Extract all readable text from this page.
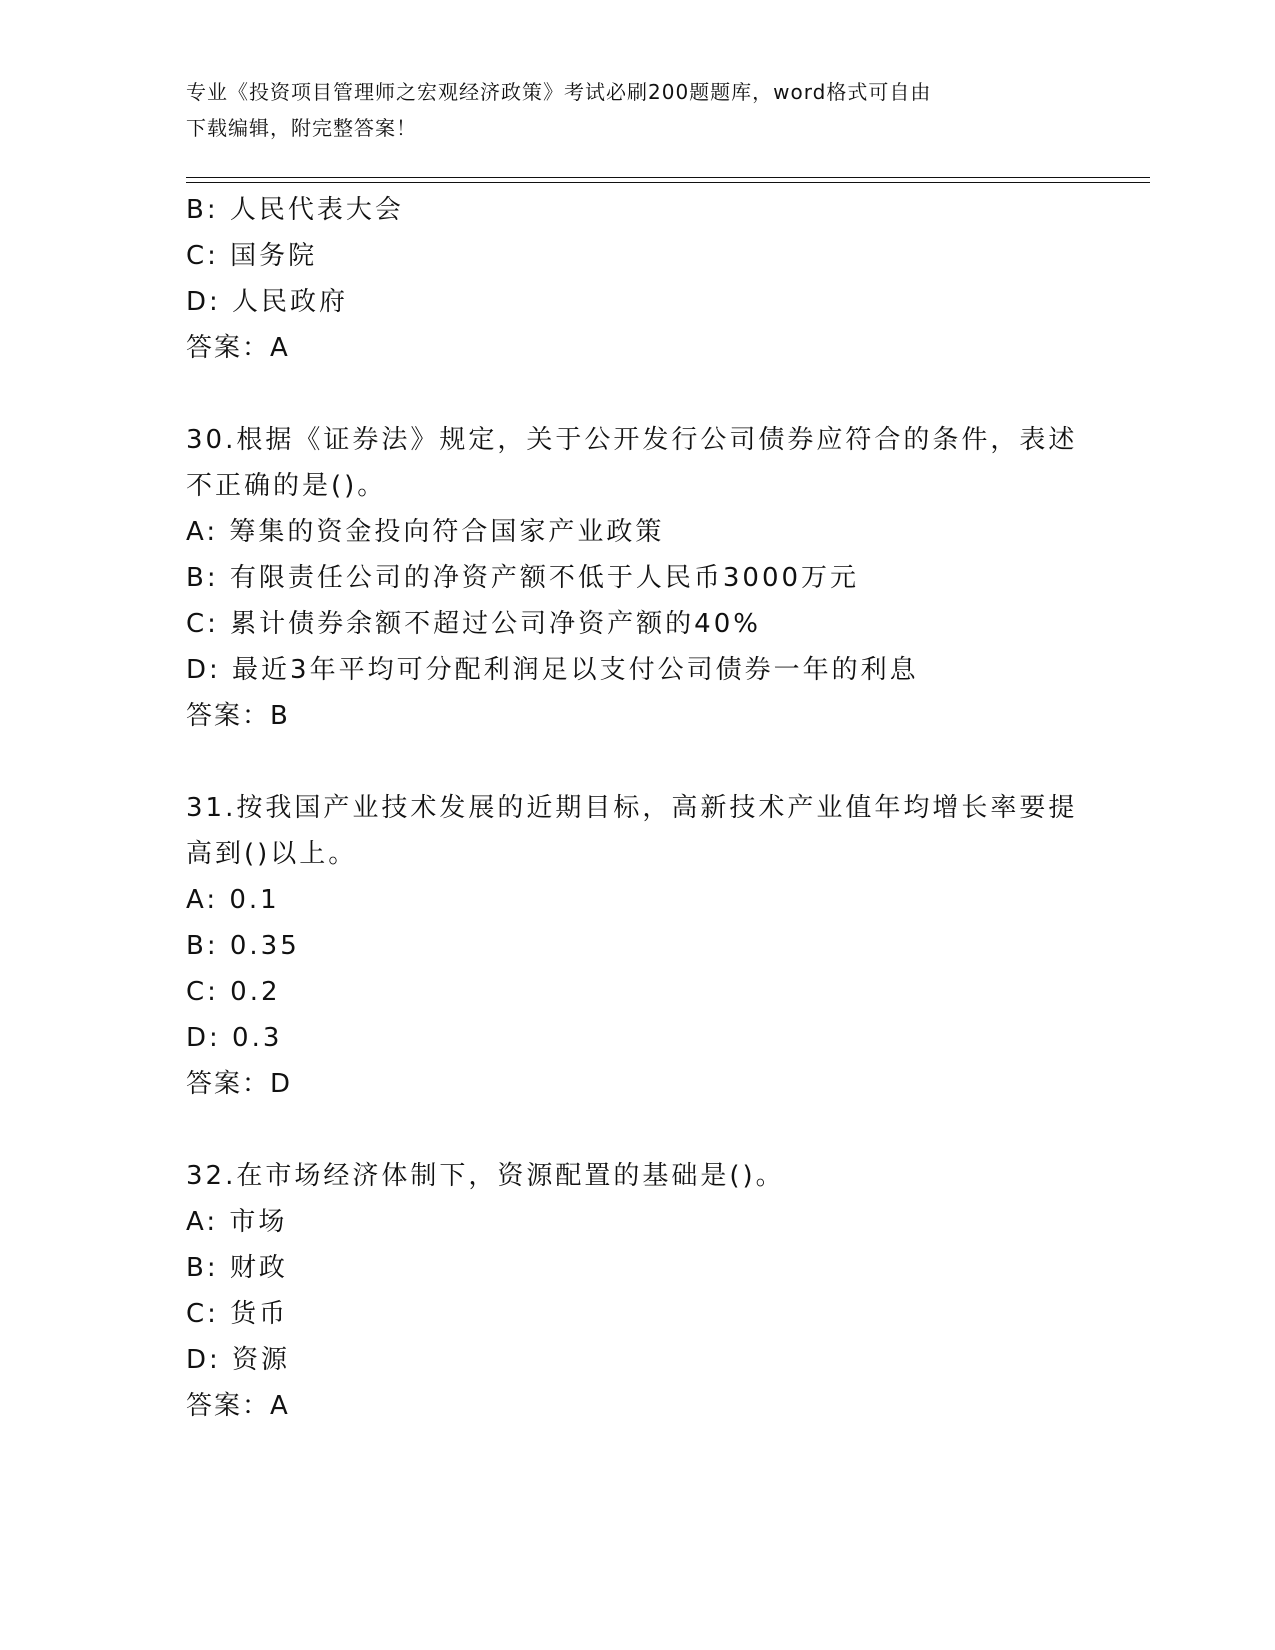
专业《投资项目管理师之宏观经济政策》考试必刷200题题库，word格式可自由
下载编辑，附完整答案！
B: 人民代表大会
C: 国务院
D: 人民政府
答案：A
30.根据《证券法》规定，关于公开发行公司债券应符合的条件，表述
不正确的是()。
A: 筹集的资金投向符合国家产业政策
B: 有限责任公司的净资产额不低于人民币3000万元
C: 累计债券余额不超过公司净资产额的40%
D: 最近3年平均可分配利润足以支付公司债券一年的利息
答案：B
31.按我国产业技术发展的近期目标，高新技术产业值年均增长率要提
高到()以上。
A: 0.1
B: 0.35
C: 0.2
D: 0.3
答案：D
32.在市场经济体制下，资源配置的基础是()。
A: 市场
B: 财政
C: 货币
D: 资源
答案：A
